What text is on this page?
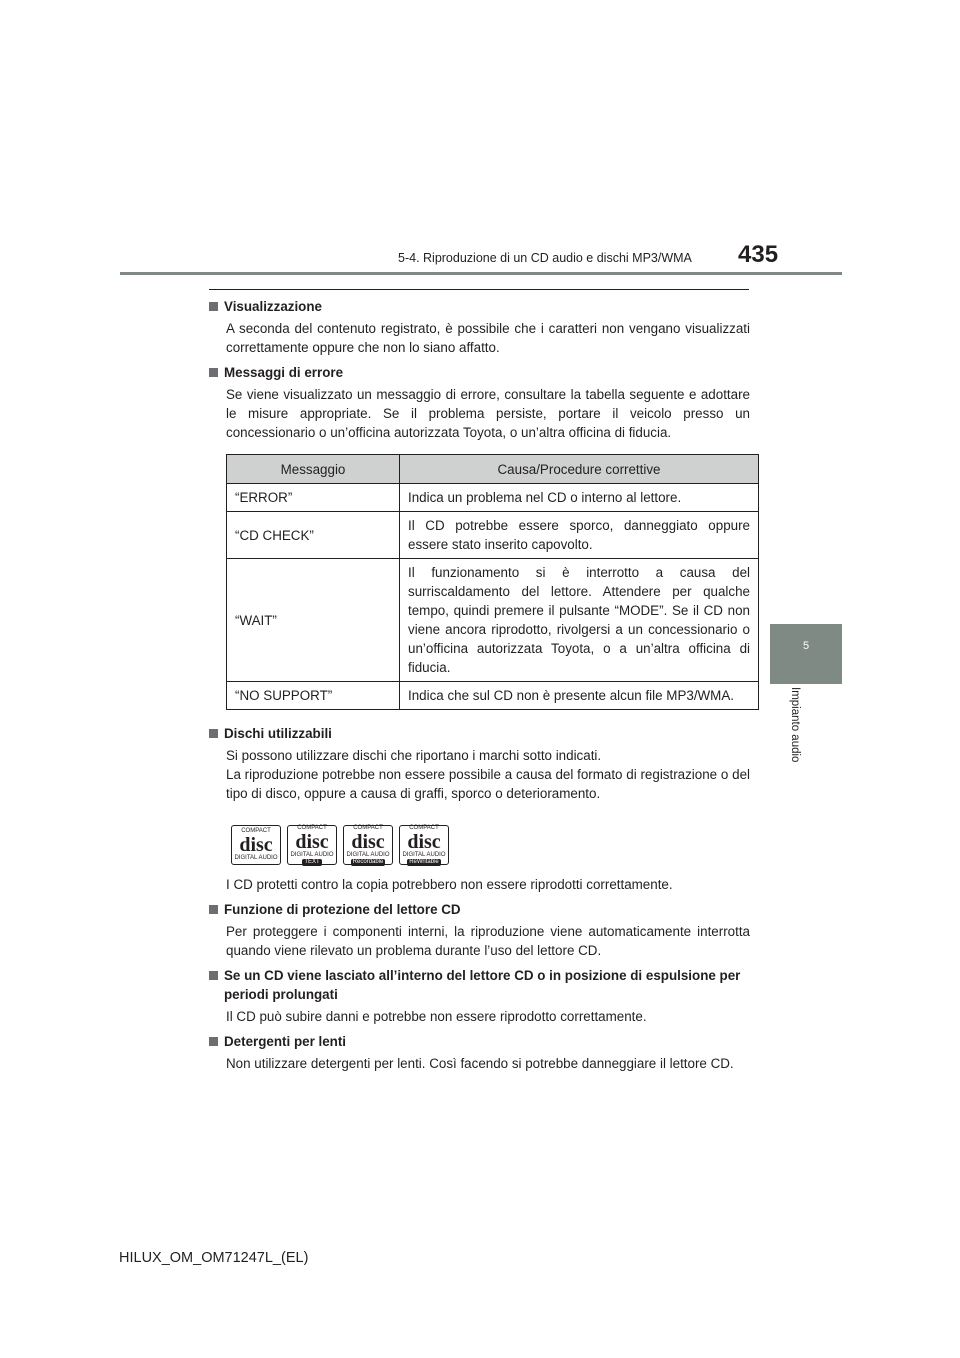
5-4. Riproduzione di un CD audio e dischi MP3/WMA 435
5
Impianto audio
Visualizzazione
A seconda del contenuto registrato, è possibile che i caratteri non vengano visualizzati correttamente oppure che non lo siano affatto.
Messaggi di errore
Se viene visualizzato un messaggio di errore, consultare la tabella seguente e adottare le misure appropriate. Se il problema persiste, portare il veicolo presso un concessionario o un’officina autorizzata Toyota, o un’altra officina di fiducia.
Messaggio	Causa/Procedure correttive
“ERROR”	Indica un problema nel CD o interno al lettore.
“CD CHECK”	Il CD potrebbe essere sporco, danneggiato oppure essere stato inserito capovolto.
“WAIT”	Il funzionamento si è interrotto a causa del surriscaldamento del lettore. Attendere per qualche tempo, quindi premere il pulsante “MODE”. Se il CD non viene ancora riprodotto, rivolgersi a un concessionario o un’officina autorizzata Toyota, o a un’altra officina di fiducia.
“NO SUPPORT”	Indica che sul CD non è presente alcun file MP3/WMA.
Dischi utilizzabili
Si possono utilizzare dischi che riportano i marchi sotto indicati.
La riproduzione potrebbe non essere possibile a causa del formato di registrazione o del tipo di disco, oppure a causa di graffi, sporco o deterioramento.
COMPACT
disc
DIGITAL AUDIO
COMPACT
disc
DIGITAL AUDIO
TEXT
COMPACT
disc
DIGITAL AUDIO
Recordable
COMPACT
disc
DIGITAL AUDIO
ReWritable
I CD protetti contro la copia potrebbero non essere riprodotti correttamente.
Funzione di protezione del lettore CD
Per proteggere i componenti interni, la riproduzione viene automaticamente interrotta quando viene rilevato un problema durante l’uso del lettore CD.
Se un CD viene lasciato all’interno del lettore CD o in posizione di espulsione per periodi prolungati
Il CD può subire danni e potrebbe non essere riprodotto correttamente.
Detergenti per lenti
Non utilizzare detergenti per lenti. Così facendo si potrebbe danneggiare il lettore CD.
HILUX_OM_OM71247L_(EL)
